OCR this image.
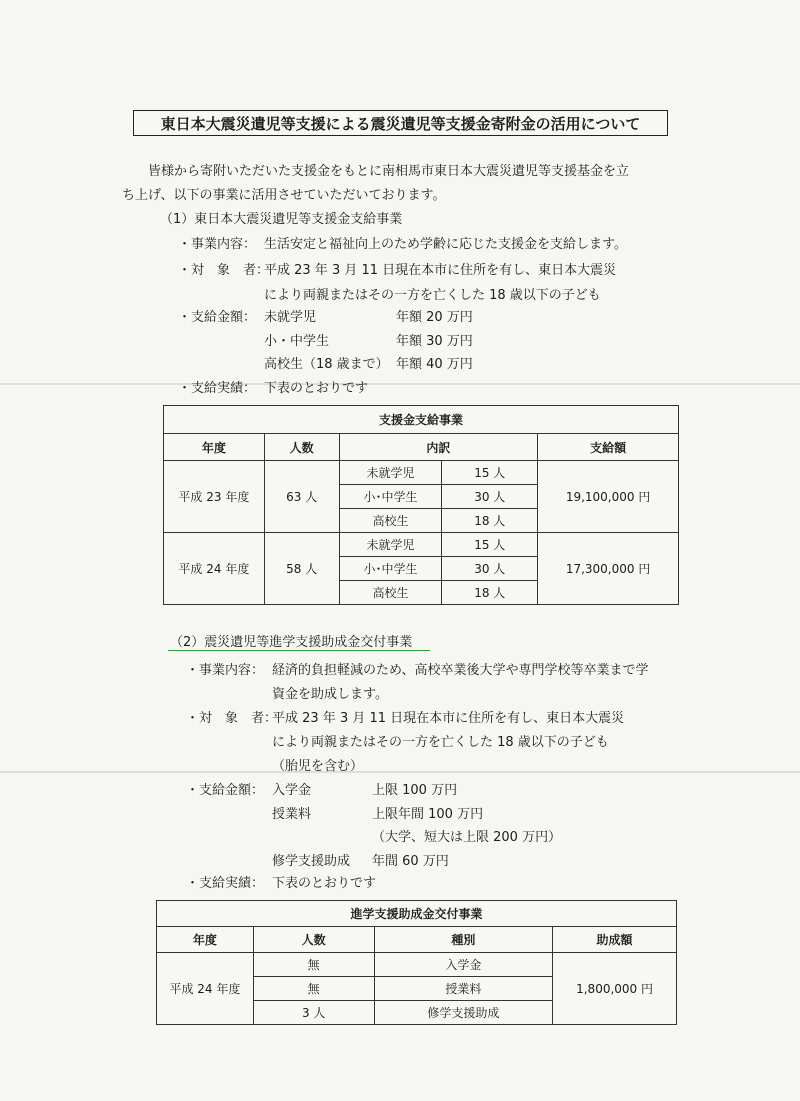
東日本大震災遺児等支援による震災遺児等支援金寄附金の活用について
皆様から寄附いただいた支援金をもとに南相馬市東日本大震災遺児等支援基金を立
ち上げ、以下の事業に活用させていただいております。
（1）東日本大震災遺児等支援金支給事業
・事業内容： 生活安定と福祉向上のため学齢に応じた支援金を支給します。
・対　象　者：
平成 23 年 3 月 11 日現在本市に住所を有し、東日本大震災
により両親またはその一方を亡くした 18 歳以下の子ども
・支給金額： 未就学児	年額 20 万円
小・中学生	年額 30 万円
高校生（18 歳まで） 年額 40 万円
・支給実績： 下表のとおりです
支援金支給事業				
年度	人数	内訳		支給額
平成 23 年度	63 人	未就学児	15 人	19,100,000 円
		小･中学生	30 人	
		高校生	18 人	
平成 24 年度	58 人	未就学児	15 人	17,300,000 円
		小･中学生	30 人	
		高校生	18 人	
（2）震災遺児等進学支援助成金交付事業
・事業内容： 経済的負担軽減のため、高校卒業後大学や専門学校等卒業まで学
資金を助成します。
・対　象　者：
平成 23 年 3 月 11 日現在本市に住所を有し、東日本大震災
により両親またはその一方を亡くした 18 歳以下の子ども
（胎児を含む）
・支給金額： 入学金	上限 100 万円
授業料	上限年間 100 万円
（大学、短大は上限 200 万円）
修学支援助成 年間 60 万円
・支給実績： 下表のとおりです
進学支援助成金交付事業			
年度	人数	種別	助成額
平成 24 年度	無	入学金	1,800,000 円
	無	授業料	
	3 人	修学支援助成	
